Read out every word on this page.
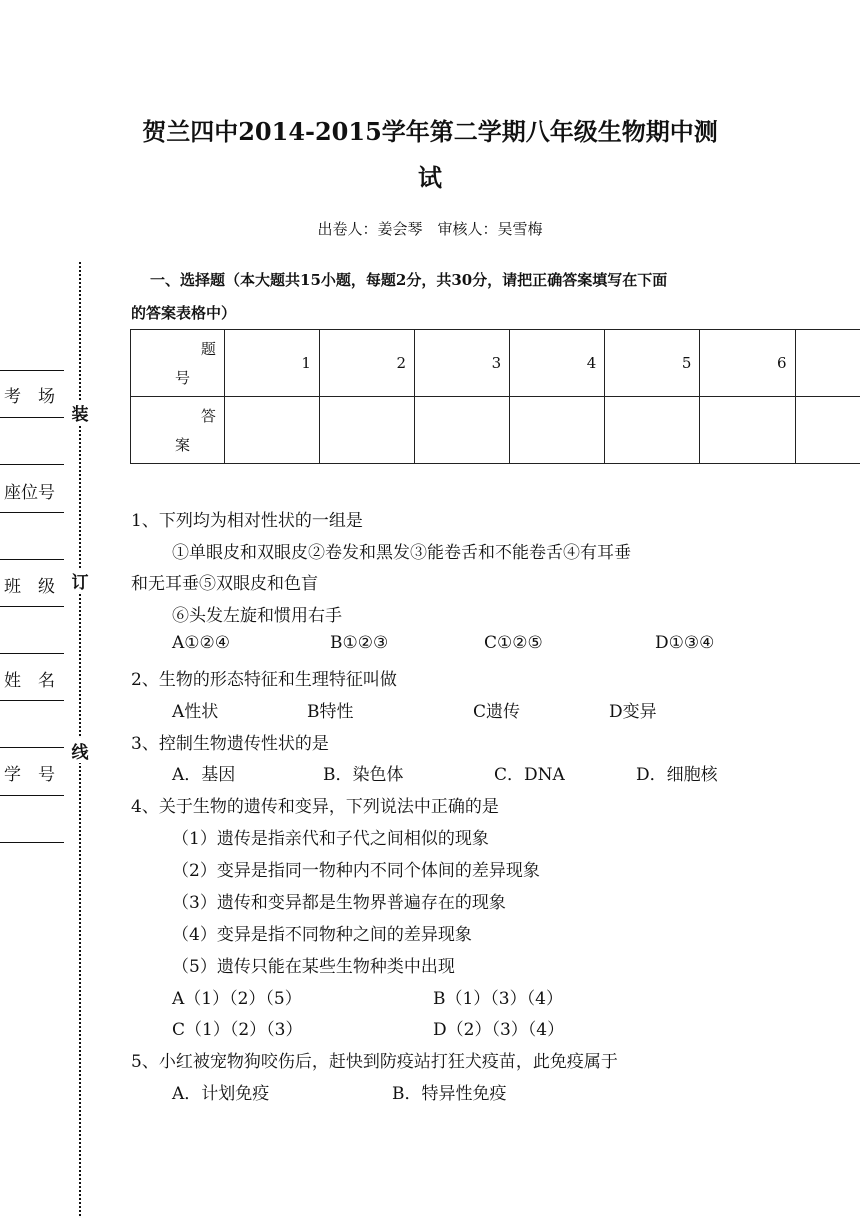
贺兰四中2014-2015学年第二学期八年级生物期中测
试
出卷人：姜会琴　审核人：吴雪梅
装
订
线
考　场
座位号
班　级
姓　名
学　号
一、选择题（本大题共15小题，每题2分，共30分，请把正确答案填写在下面
的答案表格中）
题
号	1	2	3	4	5	6	

答
案							

1、下列均为相对性状的一组是
①单眼皮和双眼皮②卷发和黑发③能卷舌和不能卷舌④有耳垂
和无耳垂⑤双眼皮和色盲
⑥头发左旋和惯用右手
A①②④	B①②③	C①②⑤	D①③④
2、生物的形态特征和生理特征叫做
A性状	B特性	C遗传	D变异
3、控制生物遗传性状的是
A．基因	B．染色体	C．DNA	D．细胞核
4、关于生物的遗传和变异，下列说法中正确的是
（1）遗传是指亲代和子代之间相似的现象
（2）变异是指同一物种内不同个体间的差异现象
（3）遗传和变异都是生物界普遍存在的现象
（4）变异是指不同物种之间的差异现象
（5）遗传只能在某些生物种类中出现
A（1）（2）（5）	B（1）（3）（4）
C（1）（2）（3）	D（2）（3）（4）
5、小红被宠物狗咬伤后，赶快到防疫站打狂犬疫苗，此免疫属于
A．计划免疫	B．特异性免疫
